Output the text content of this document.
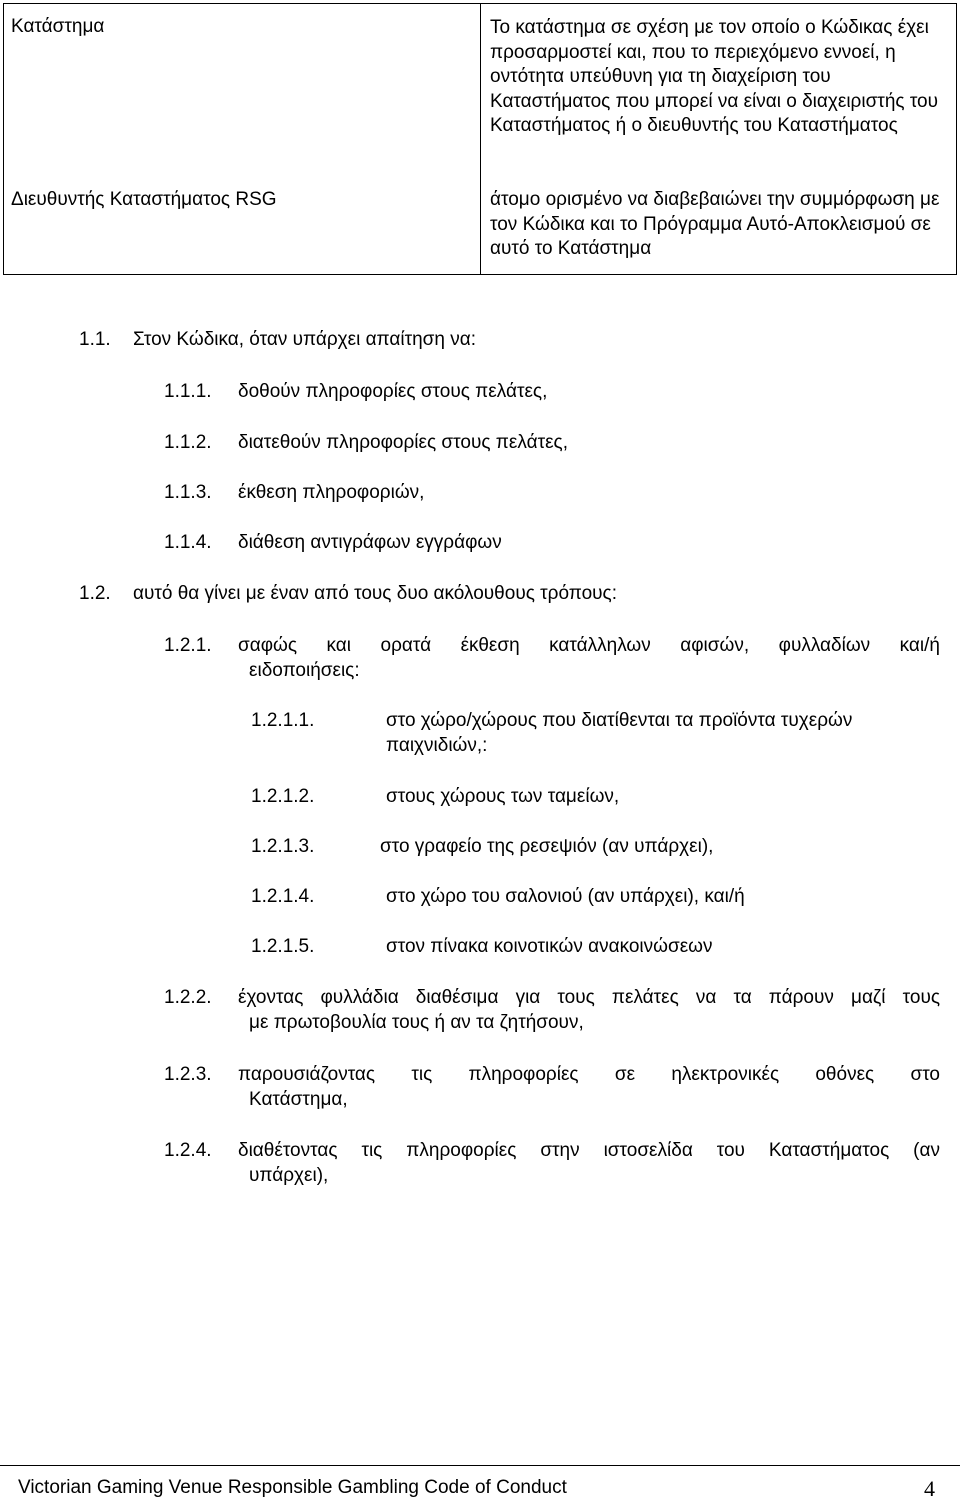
Κατάστημα	Το κατάστημα σε σχέση με τον οποίο ο Κώδικας έχει προσαρμοστεί και, που το περιεχόμενο εννοεί, η οντότητα υπεύθυνη για τη διαχείριση του Καταστήματος που μπορεί να είναι ο διαχειριστής του Καταστήματος ή ο διευθυντής του Καταστήματος
Διευθυντής Καταστήματος RSG	άτομο ορισμένο να διαβεβαιώνει την συμμόρφωση με τον Κώδικα και το Πρόγραμμα Αυτό-Αποκλεισμού σε αυτό το Κατάστημα
1.1. Στον Κώδικα, όταν υπάρχει απαίτηση να:
1.1.1. δοθούν πληροφορίες στους πελάτες,
1.1.2. διατεθούν πληροφορίες στους πελάτες,
1.1.3. έκθεση πληροφοριών,
1.1.4. διάθεση αντιγράφων εγγράφων
1.2. αυτό θα γίνει με έναν από τους δυο ακόλουθους τρόπους:
1.2.1. σαφώς και ορατά έκθεση κατάλληλων αφισών, φυλλαδίων και/ή
ειδοποιήσεις:
1.2.1.1.	στο χώρο/χώρους που διατίθενται τα προϊόντα τυχερών
παιχνιδιών,:
1.2.1.2.	στους χώρους των ταμείων,
1.2.1.3.	στο γραφείο της ρεσεψιόν (αν υπάρχει),
1.2.1.4.	στο χώρο του σαλονιού (αν υπάρχει), και/ή
1.2.1.5.	στον πίνακα κοινοτικών ανακοινώσεων
1.2.2. έχοντας φυλλάδια διαθέσιμα για τους πελάτες να τα πάρουν μαζί τους
με πρωτοβουλία τους ή αν τα ζητήσουν,
1.2.3. παρουσιάζοντας τις πληροφορίες σε ηλεκτρονικές οθόνες στο
Κατάστημα,
1.2.4. διαθέτοντας τις πληροφορίες στην ιστοσελίδα του Καταστήματος (αν
υπάρχει),
Victorian Gaming Venue Responsible Gambling Code of Conduct	4
